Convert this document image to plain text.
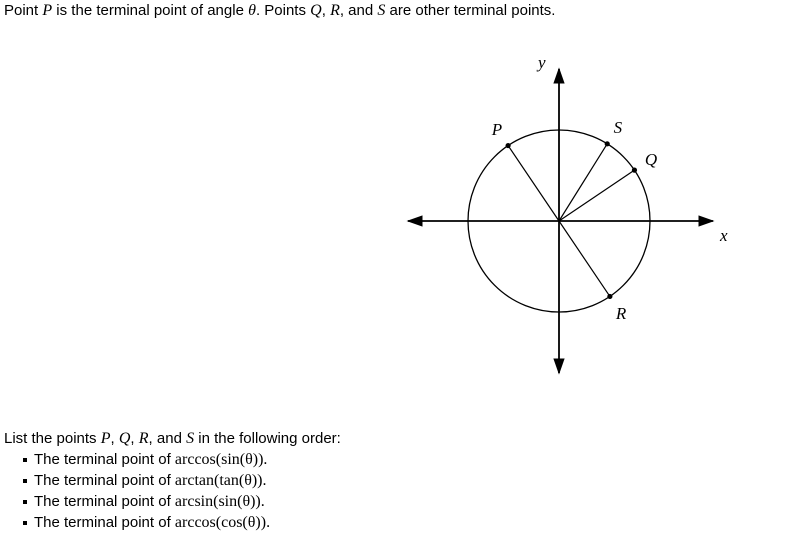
Point P is the terminal point of angle θ. Points Q, R, and S are other terminal points.
x
y
P	S
Q
R
List the points P, Q, R, and S in the following order:
The terminal point of arccos(sin(θ)).
The terminal point of arctan(tan(θ)).
The terminal point of arcsin(sin(θ)).
The terminal point of arccos(cos(θ)).
